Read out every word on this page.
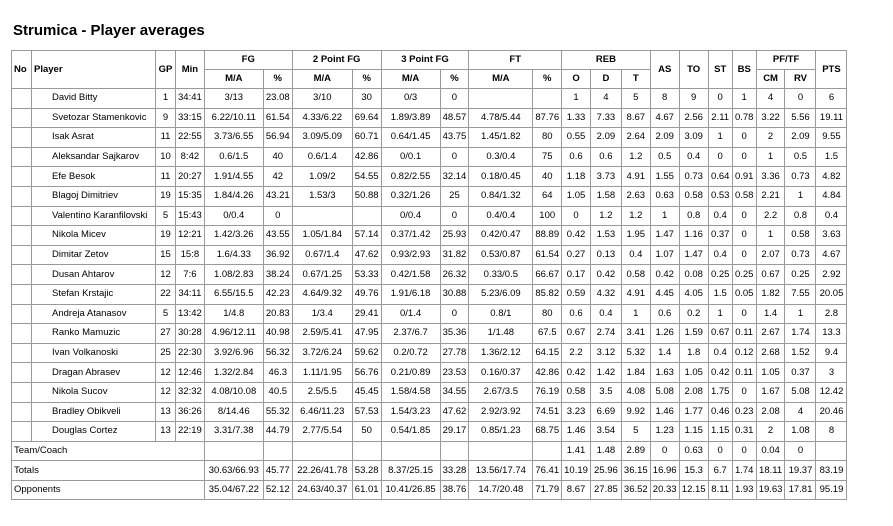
Strumica - Player averages
No	Player	GP	Min	FG		2 Point FG		3 Point FG		FT		REB			AS	TO	ST	BS	PF/TF		PTS
				M/A	%	M/A	%	M/A	%	M/A	%	O	D	T					CM	RV	
	David Bitty	1	34:41	3/13	23.08	3/10	30	0/3	0			1	4	5	8	9	0	1	4	0	6
	Svetozar Stamenkovic	9	33:15	6.22/10.11	61.54	4.33/6.22	69.64	1.89/3.89	48.57	4.78/5.44	87.76	1.33	7.33	8.67	4.67	2.56	2.11	0.78	3.22	5.56	19.11
	Isak Asrat	11	22:55	3.73/6.55	56.94	3.09/5.09	60.71	0.64/1.45	43.75	1.45/1.82	80	0.55	2.09	2.64	2.09	3.09	1	0	2	2.09	9.55
	Aleksandar Sajkarov	10	8:42	0.6/1.5	40	0.6/1.4	42.86	0/0.1	0	0.3/0.4	75	0.6	0.6	1.2	0.5	0.4	0	0	1	0.5	1.5
	Efe Besok	11	20:27	1.91/4.55	42	1.09/2	54.55	0.82/2.55	32.14	0.18/0.45	40	1.18	3.73	4.91	1.55	0.73	0.64	0.91	3.36	0.73	4.82
	Blagoj Dimitriev	19	15:35	1.84/4.26	43.21	1.53/3	50.88	0.32/1.26	25	0.84/1.32	64	1.05	1.58	2.63	0.63	0.58	0.53	0.58	2.21	1	4.84
	Valentino Karanfilovski	5	15:43	0/0.4	0			0/0.4	0	0.4/0.4	100	0	1.2	1.2	1	0.8	0.4	0	2.2	0.8	0.4
	Nikola Micev	19	12:21	1.42/3.26	43.55	1.05/1.84	57.14	0.37/1.42	25.93	0.42/0.47	88.89	0.42	1.53	1.95	1.47	1.16	0.37	0	1	0.58	3.63
	Dimitar Zetov	15	15:8	1.6/4.33	36.92	0.67/1.4	47.62	0.93/2.93	31.82	0.53/0.87	61.54	0.27	0.13	0.4	1.07	1.47	0.4	0	2.07	0.73	4.67
	Dusan Ahtarov	12	7:6	1.08/2.83	38.24	0.67/1.25	53.33	0.42/1.58	26.32	0.33/0.5	66.67	0.17	0.42	0.58	0.42	0.08	0.25	0.25	0.67	0.25	2.92
	Stefan Krstajic	22	34:11	6.55/15.5	42.23	4.64/9.32	49.76	1.91/6.18	30.88	5.23/6.09	85.82	0.59	4.32	4.91	4.45	4.05	1.5	0.05	1.82	7.55	20.05
	Andreja Atanasov	5	13:42	1/4.8	20.83	1/3.4	29.41	0/1.4	0	0.8/1	80	0.6	0.4	1	0.6	0.2	1	0	1.4	1	2.8
	Ranko Mamuzic	27	30:28	4.96/12.11	40.98	2.59/5.41	47.95	2.37/6.7	35.36	1/1.48	67.5	0.67	2.74	3.41	1.26	1.59	0.67	0.11	2.67	1.74	13.3
	Ivan Volkanoski	25	22:30	3.92/6.96	56.32	3.72/6.24	59.62	0.2/0.72	27.78	1.36/2.12	64.15	2.2	3.12	5.32	1.4	1.8	0.4	0.12	2.68	1.52	9.4
	Dragan Abrasev	12	12:46	1.32/2.84	46.3	1.11/1.95	56.76	0.21/0.89	23.53	0.16/0.37	42.86	0.42	1.42	1.84	1.63	1.05	0.42	0.11	1.05	0.37	3
	Nikola Sucov	12	32:32	4.08/10.08	40.5	2.5/5.5	45.45	1.58/4.58	34.55	2.67/3.5	76.19	0.58	3.5	4.08	5.08	2.08	1.75	0	1.67	5.08	12.42
	Bradley Obikveli	13	36:26	8/14.46	55.32	6.46/11.23	57.53	1.54/3.23	47.62	2.92/3.92	74.51	3.23	6.69	9.92	1.46	1.77	0.46	0.23	2.08	4	20.46
	Douglas Cortez	13	22:19	3.31/7.38	44.79	2.77/5.54	50	0.54/1.85	29.17	0.85/1.23	68.75	1.46	3.54	5	1.23	1.15	1.15	0.31	2	1.08	8
Team/Coach												1.41	1.48	2.89	0	0.63	0	0	0.04	0	
Totals				30.63/66.93	45.77	22.26/41.78	53.28	8.37/25.15	33.28	13.56/17.74	76.41	10.19	25.96	36.15	16.96	15.3	6.7	1.74	18.11	19.37	83.19
Opponents				35.04/67.22	52.12	24.63/40.37	61.01	10.41/26.85	38.76	14.7/20.48	71.79	8.67	27.85	36.52	20.33	12.15	8.11	1.93	19.63	17.81	95.19
